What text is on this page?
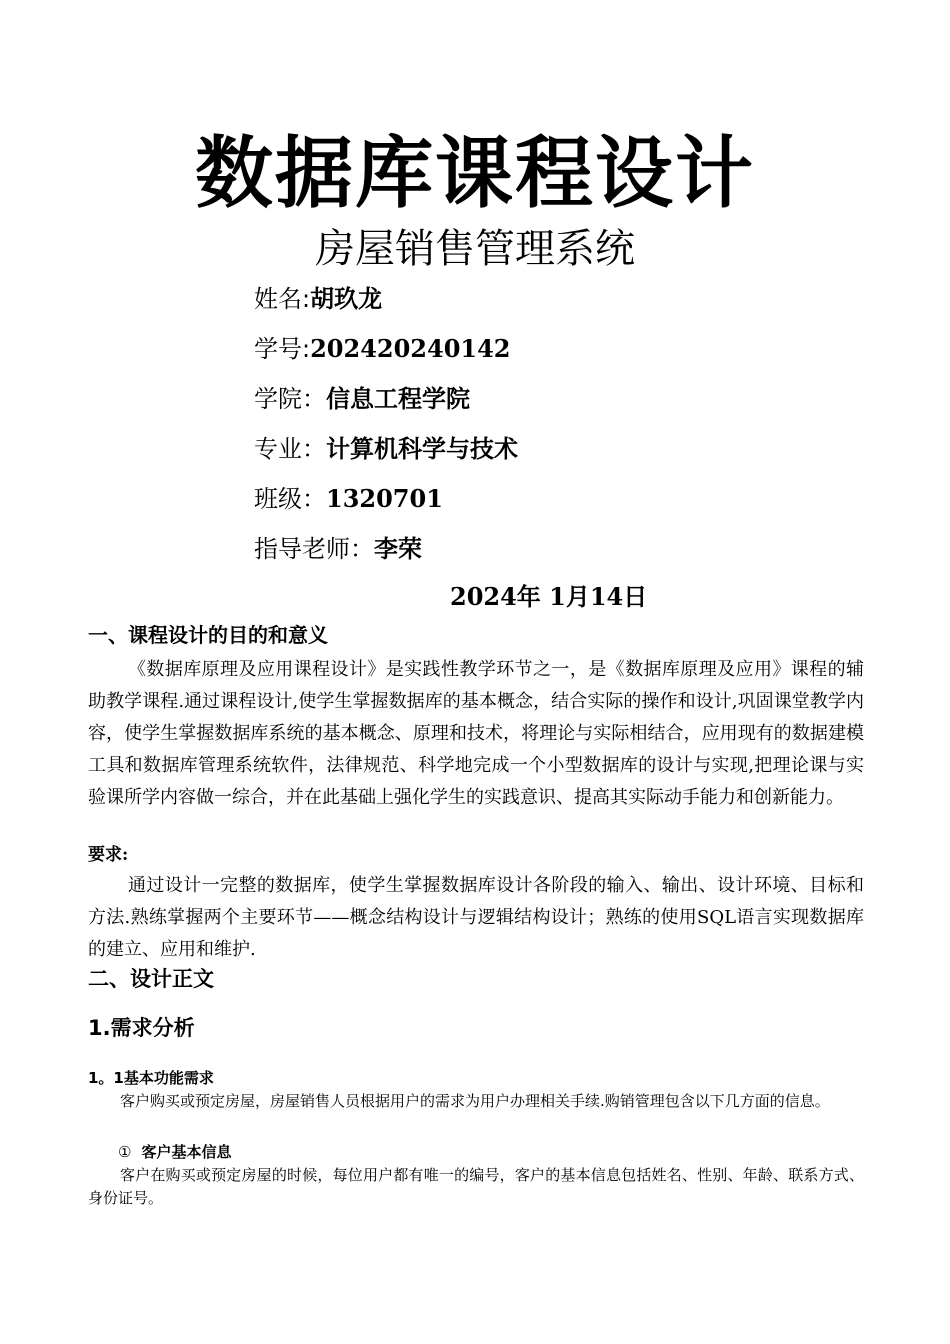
数据库课程设计
房屋销售管理系统
姓名:胡玖龙
学号:202420240142
学院：信息工程学院
专业：计算机科学与技术
班级：1320701
指导老师：李荣
2024年 1月14日
一、课程设计的目的和意义

《数据库原理及应用课程设计》是实践性教学环节之一，是《数据库原理及应用》课程的辅助教学课程.通过课程设计,使学生掌握数据库的基本概念，结合实际的操作和设计,巩固课堂教学内容，使学生掌握数据库系统的基本概念、原理和技术，将理论与实际相结合，应用现有的数据建模工具和数据库管理系统软件，法律规范、科学地完成一个小型数据库的设计与实现,把理论课与实验课所学内容做一综合，并在此基础上强化学生的实践意识、提高其实际动手能力和创新能力。

要求:

通过设计一完整的数据库，使学生掌握数据库设计各阶段的输入、输出、设计环境、目标和方法.熟练掌握两个主要环节——概念结构设计与逻辑结构设计；熟练的使用SQL语言实现数据库的建立、应用和维护.

二、设计正文
1.需求分析
1。1基本功能需求

客户购买或预定房屋，房屋销售人员根据用户的需求为用户办理相关手续.购销管理包含以下几方面的信息。

① 客户基本信息

客户在购买或预定房屋的时候，每位用户都有唯一的编号，客户的基本信息包括姓名、性别、年龄、联系方式、身份证号。
